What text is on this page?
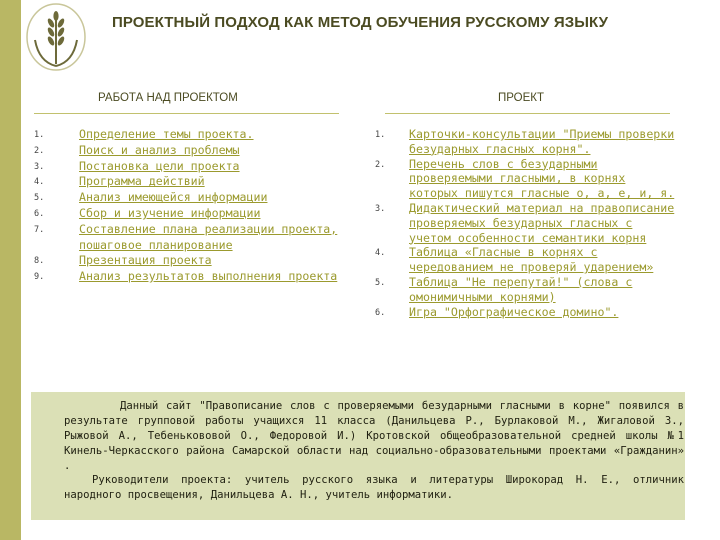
ПРОЕКТНЫЙ ПОДХОД КАК МЕТОД ОБУЧЕНИЯ РУССКОМУ ЯЗЫКУ
РАБОТА НАД ПРОЕКТОМ	ПРОЕКТ
1.	Определение темы проекта.
2.	Поиск и анализ проблемы
3.	Постановка цели проекта
4.	Программа действий
5.	Анализ имеющейся информации
6.	Сбор и изучение информации
7.	Составление плана реализации проекта, пошаговое планирование
8.	Презентация проекта
9.	Анализ результатов выполнения проекта
1. Карточки-консультации "Приемы проверки безударных гласных корня".
2. Перечень слов с безударными проверяемыми гласными, в корнях которых пишутся гласные о, а, е, и, я.
3. Дидактический материал на правописание проверяемых безударных гласных с учетом особенности семантики корня
4. Таблица «Гласные в корнях с чередованием не проверяй ударением»
5. Таблица "Не перепутай!" (слова с омонимичными корнями)
6. Игра "Орфографическое домино".

Данный сайт "Правописание слов с проверяемыми безударными гласными в корне" появился в результате групповой работы учащихся 11 класса (Данильцева Р., Бурлаковой М., Жигаловой З., Рыжовой А., Тебенькововой О., Федоровой И.) Кротовской общеобразовательной средней школы №1 Кинель-Черкасского района Самарской области над социально-образовательными проектами «Гражданин» .

Руководители проекта: учитель русского языка и литературы Широкорад Н. Е., отличник народного просвещения, Данильцева А. Н., учитель информатики.
